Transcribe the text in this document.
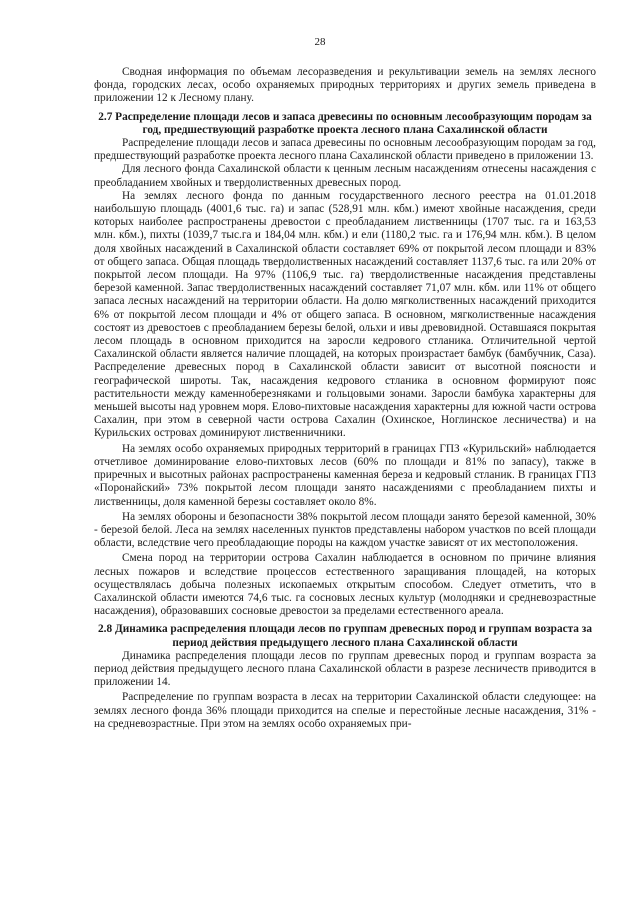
28

Сводная информация по объемам лесоразведения и рекультивации земель на землях лесного фонда, городских лесах, особо охраняемых природных территориях и других земель приведена в приложении 12 к Лесному плану.

2.7 Распределение площади лесов и запаса древесины по основным лесообразующим породам за год, предшествующий разработке проекта лесного плана Сахалинской области

Распределение площади лесов и запаса древесины по основным лесообразующим породам за год, предшествующий разработке проекта лесного плана Сахалинской области приведено в приложении 13.

Для лесного фонда Сахалинской области к ценным лесным насаждениям отнесены насаждения с преобладанием хвойных и твердолиственных древесных пород.

На землях лесного фонда по данным государственного лесного реестра на 01.01.2018 наибольшую площадь (4001,6 тыс. га) и запас (528,91 млн. кбм.) имеют хвойные насаждения, среди которых наиболее распространены древостои с преобладанием лиственницы (1707 тыс. га и 163,53 млн. кбм.), пихты (1039,7 тыс.га и 184,04 млн. кбм.) и ели (1180,2 тыс. га и 176,94 млн. кбм.). В целом доля хвойных насаждений в Сахалинской области составляет 69% от покрытой лесом площади и 83% от общего запаса. Общая площадь твердолиственных насаждений составляет 1137,6 тыс. га или 20% от покрытой лесом площади. На 97% (1106,9 тыс. га) твердолиственные насаждения представлены березой каменной. Запас твердолиственных насаждений составляет 71,07 млн. кбм. или 11% от общего запаса лесных насаждений на территории области. На долю мягколиственных насаждений приходится 6% от покрытой лесом площади и 4% от общего запаса. В основном, мягколиственные насаждения состоят из древостоев с преобладанием березы белой, ольхи и ивы древовидной. Оставшаяся покрытая лесом площадь в основном приходится на заросли кедрового стланика. Отличительной чертой Сахалинской области является наличие площадей, на которых произрастает бамбук (бамбучник, Саза). Распределение древесных пород в Сахалинской области зависит от высотной поясности и географической широты. Так, насаждения кедрового стланика в основном формируют пояс растительности между каменноберезняками и гольцовыми зонами. Заросли бамбука характерны для меньшей высоты над уровнем моря. Елово-пихтовые насаждения характерны для южной части острова Сахалин, при этом в северной части острова Сахалин (Охинское, Ноглинское лесничества) и на Курильских островах доминируют лиственничники.

На землях особо охраняемых природных территорий в границах ГПЗ «Курильский» наблюдается отчетливое доминирование елово-пихтовых лесов (60% по площади и 81% по запасу), также в приречных и высотных районах распространены каменная береза и кедровый стланик. В границах ГПЗ «Поронайский» 73% покрытой лесом площади занято насаждениями с преобладанием пихты и лиственницы, доля каменной березы составляет около 8%.

На землях обороны и безопасности 38% покрытой лесом площади занято березой каменной, 30% - березой белой. Леса на землях населенных пунктов представлены набором участков по всей площади области, вследствие чего преобладающие породы на каждом участке зависят от их местоположения.

Смена пород на территории острова Сахалин наблюдается в основном по причине влияния лесных пожаров и вследствие процессов естественного заращивания площадей, на которых осуществлялась добыча полезных ископаемых открытым способом. Следует отметить, что в Сахалинской области имеются 74,6 тыс. га сосновых лесных культур (молодняки и средневозрастные насаждения), образовавших сосновые древостои за пределами естественного ареала.

2.8 Динамика распределения площади лесов по группам древесных пород и группам возраста за период действия предыдущего лесного плана Сахалинской области

Динамика распределения площади лесов по группам древесных пород и группам возраста за период действия предыдущего лесного плана Сахалинской области в разрезе лесничеств приводится в приложении 14.

Распределение по группам возраста в лесах на территории Сахалинской области следующее: на землях лесного фонда 36% площади приходится на спелые и перестойные лесные насаждения, 31% - на средневозрастные. При этом на землях особо охраняемых при-
